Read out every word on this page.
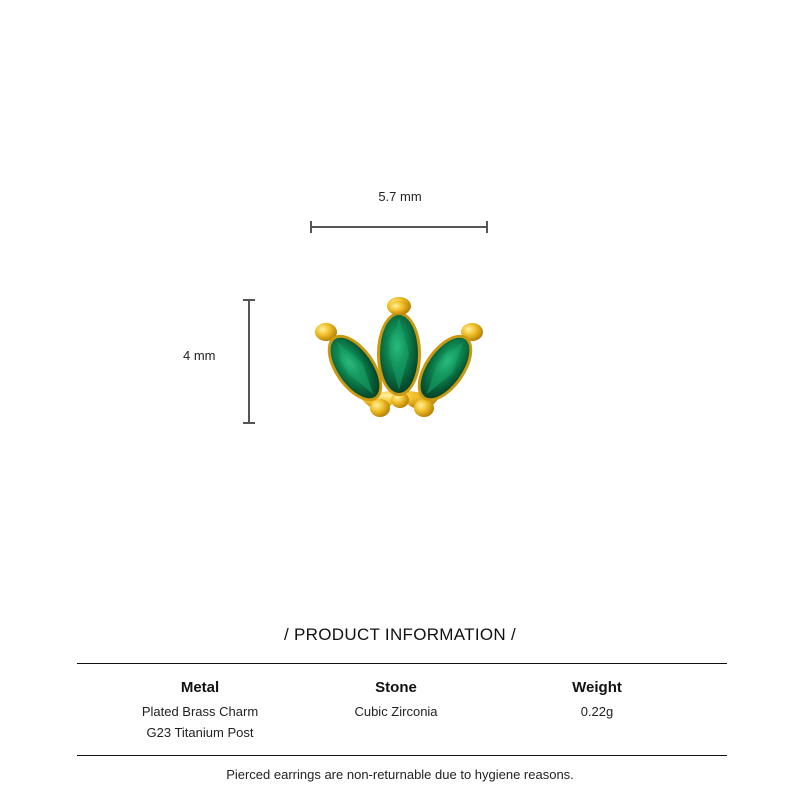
5.7 mm
4 mm
/ PRODUCT INFORMATION /
Metal
Plated Brass Charm
G23 Titanium Post
Stone
Cubic Zirconia
Weight
0.22g
Pierced earrings are non-returnable due to hygiene reasons.
